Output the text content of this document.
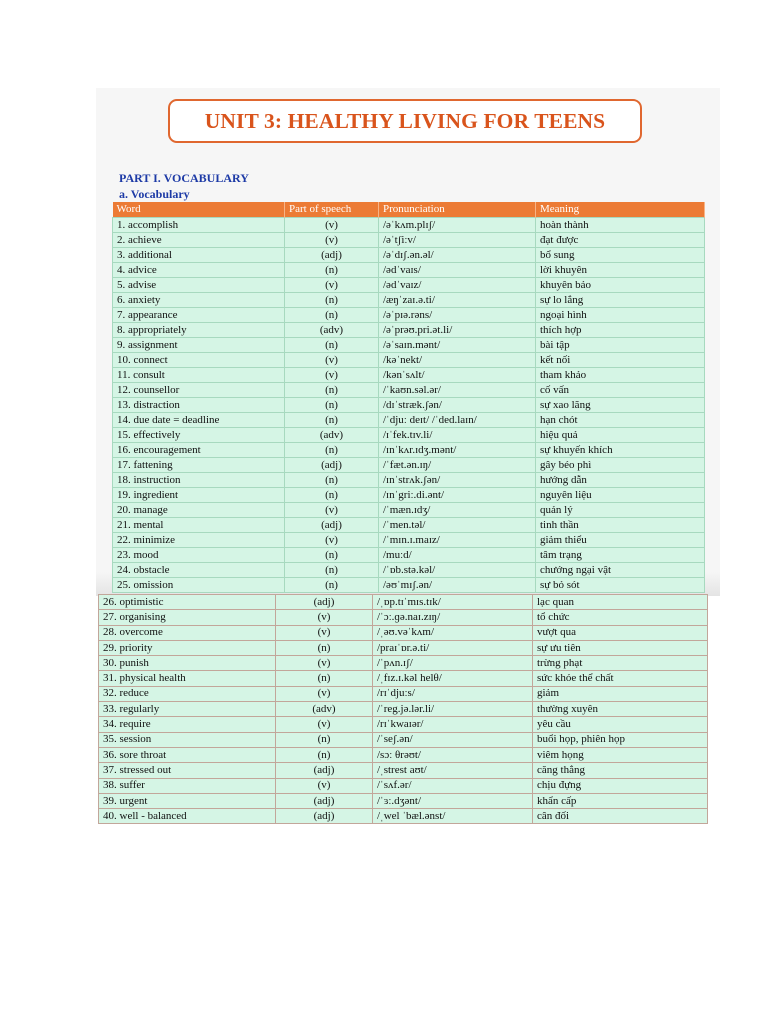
UNIT 3: HEALTHY LIVING FOR TEENS
PART I. VOCABULARY
a. Vocabulary
Word	Part of speech	Pronunciation	Meaning
1. accomplish	(v)	/əˈkʌm.plɪʃ/	hoàn thành
2. achieve	(v)	/əˈtʃiːv/	đạt được
3. additional	(adj)	/əˈdɪʃ.ən.əl/	bổ sung
4. advice	(n)	/ədˈvaɪs/	lời khuyên
5. advise	(v)	/ədˈvaɪz/	khuyên bảo
6. anxiety	(n)	/æŋˈzaɪ.ə.ti/	sự lo lắng
7. appearance	(n)	/əˈpɪə.rəns/	ngoại hình
8. appropriately	(adv)	/əˈprəʊ.pri.ət.li/	thích hợp
9. assignment	(n)	/əˈsaɪn.mənt/	bài tập
10. connect	(v)	/kəˈnekt/	kết nối
11. consult	(v)	/kənˈsʌlt/	tham khảo
12. counsellor	(n)	/ˈkaʊn.səl.ər/	cố vấn
13. distraction	(n)	/dɪˈstræk.ʃən/	sự xao lãng
14. due date = deadline	(n)	/ˈdjuː deɪt/ /ˈded.laɪn/	hạn chót
15. effectively	(adv)	/ɪˈfek.tɪv.li/	hiệu quả
16. encouragement	(n)	/ɪnˈkʌr.ɪdʒ.mənt/	sự khuyến khích
17. fattening	(adj)	/ˈfæt.ən.ɪŋ/	gây béo phì
18. instruction	(n)	/ɪnˈstrʌk.ʃən/	hướng dẫn
19. ingredient	(n)	/ɪnˈgriː.di.ənt/	nguyên liệu
20. manage	(v)	/ˈmæn.ɪdʒ/	quản lý
21. mental	(adj)	/ˈmen.təl/	tinh thần
22. minimize	(v)	/ˈmɪn.ɪ.maɪz/	giảm thiểu
23. mood	(n)	/muːd/	tâm trạng
24. obstacle	(n)	/ˈɒb.stə.kəl/	chướng ngại vật
25. omission	(n)	/əʊˈmɪʃ.ən/	sự bỏ sót
26. optimistic	(adj)	/ˌɒp.tɪˈmɪs.tɪk/	lạc quan
27. organising	(v)	/ˈɔː.ɡə.naɪ.zɪŋ/	tổ chức
28. overcome	(v)	/ˌəʊ.vəˈkʌm/	vượt qua
29. priority	(n)	/praɪˈɒr.ə.ti/	sự ưu tiên
30. punish	(v)	/ˈpʌn.ɪʃ/	trừng phạt
31. physical health	(n)	/ˌfɪz.ɪ.kəl helθ/	sức khỏe thể chất
32. reduce	(v)	/rɪˈdjuːs/	giảm
33. regularly	(adv)	/ˈreg.jə.lər.li/	thường xuyên
34. require	(v)	/rɪˈkwaɪər/	yêu cầu
35. session	(n)	/ˈseʃ.ən/	buổi họp, phiên họp
36. sore throat	(n)	/sɔː θrəʊt/	viêm họng
37. stressed out	(adj)	/ˌstrest aʊt/	căng thẳng
38. suffer	(v)	/ˈsʌf.ər/	chịu đựng
39. urgent	(adj)	/ˈɜː.dʒənt/	khẩn cấp
40. well - balanced	(adj)	/ˌwel ˈbæl.ənst/	cân đối
